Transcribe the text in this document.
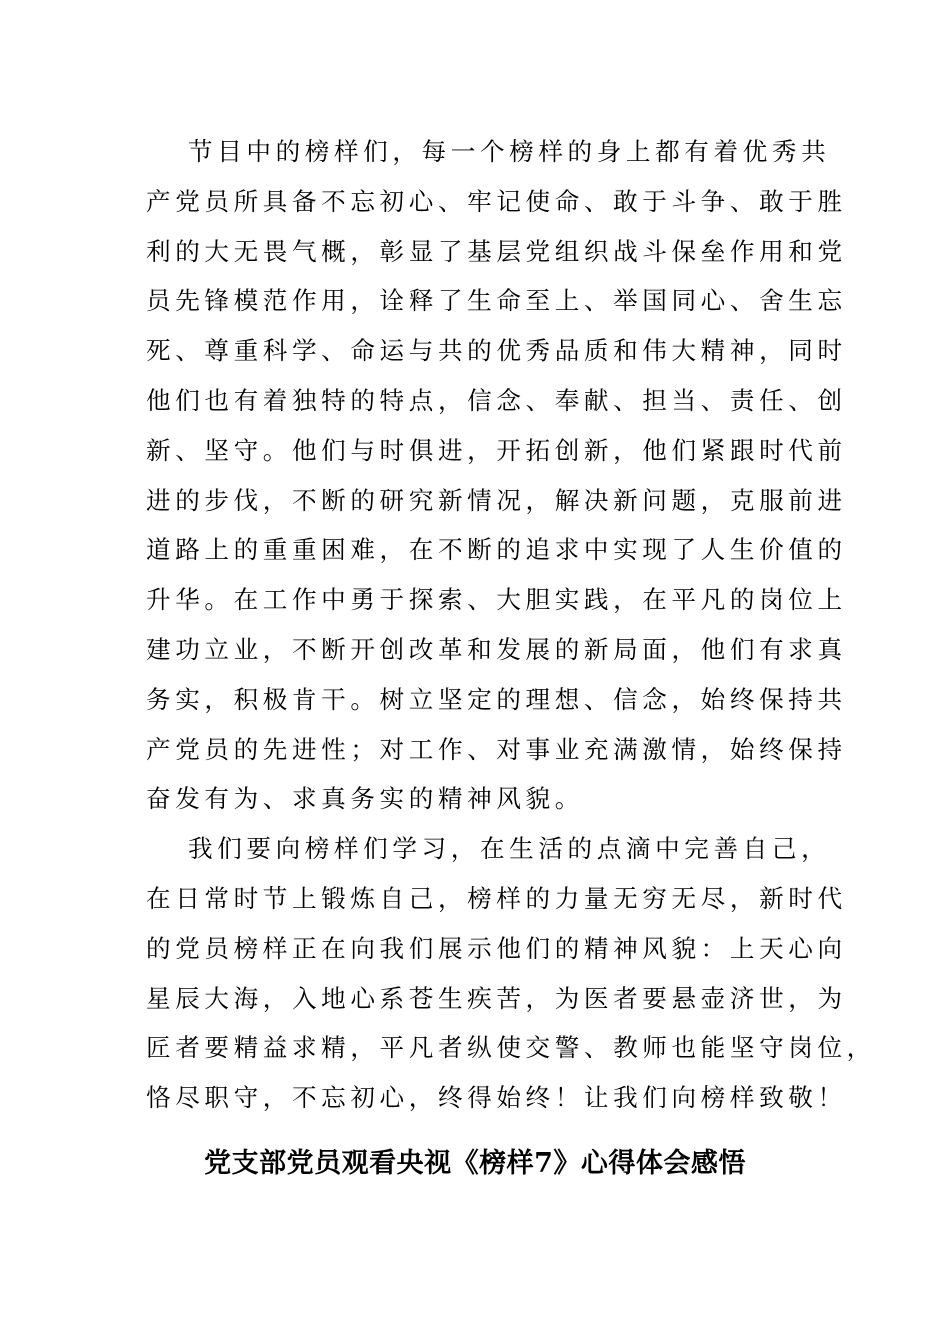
节目中的榜样们，每一个榜样的身上都有着优秀共
产党员所具备不忘初心、牢记使命、敢于斗争、敢于胜
利的大无畏气概，彰显了基层党组织战斗保垒作用和党
员先锋模范作用，诠释了生命至上、举国同心、舍生忘
死、尊重科学、命运与共的优秀品质和伟大精神，同时
他们也有着独特的特点，信念、奉献、担当、责任、创
新、坚守。他们与时俱进，开拓创新，他们紧跟时代前
进的步伐，不断的研究新情况，解决新问题，克服前进
道路上的重重困难，在不断的追求中实现了人生价值的
升华。在工作中勇于探索、大胆实践，在平凡的岗位上
建功立业，不断开创改革和发展的新局面，他们有求真
务实，积极肯干。树立坚定的理想、信念，始终保持共
产党员的先进性；对工作、对事业充满激情，始终保持
奋发有为、求真务实的精神风貌。
我们要向榜样们学习，在生活的点滴中完善自己，
在日常时节上锻炼自己，榜样的力量无穷无尽，新时代
的党员榜样正在向我们展示他们的精神风貌：上天心向
星辰大海，入地心系苍生疾苦，为医者要悬壶济世，为
匠者要精益求精，平凡者纵使交警、教师也能坚守岗位，
恪尽职守，不忘初心，终得始终！让我们向榜样致敬！
党支部党员观看央视《榜样7》心得体会感悟
